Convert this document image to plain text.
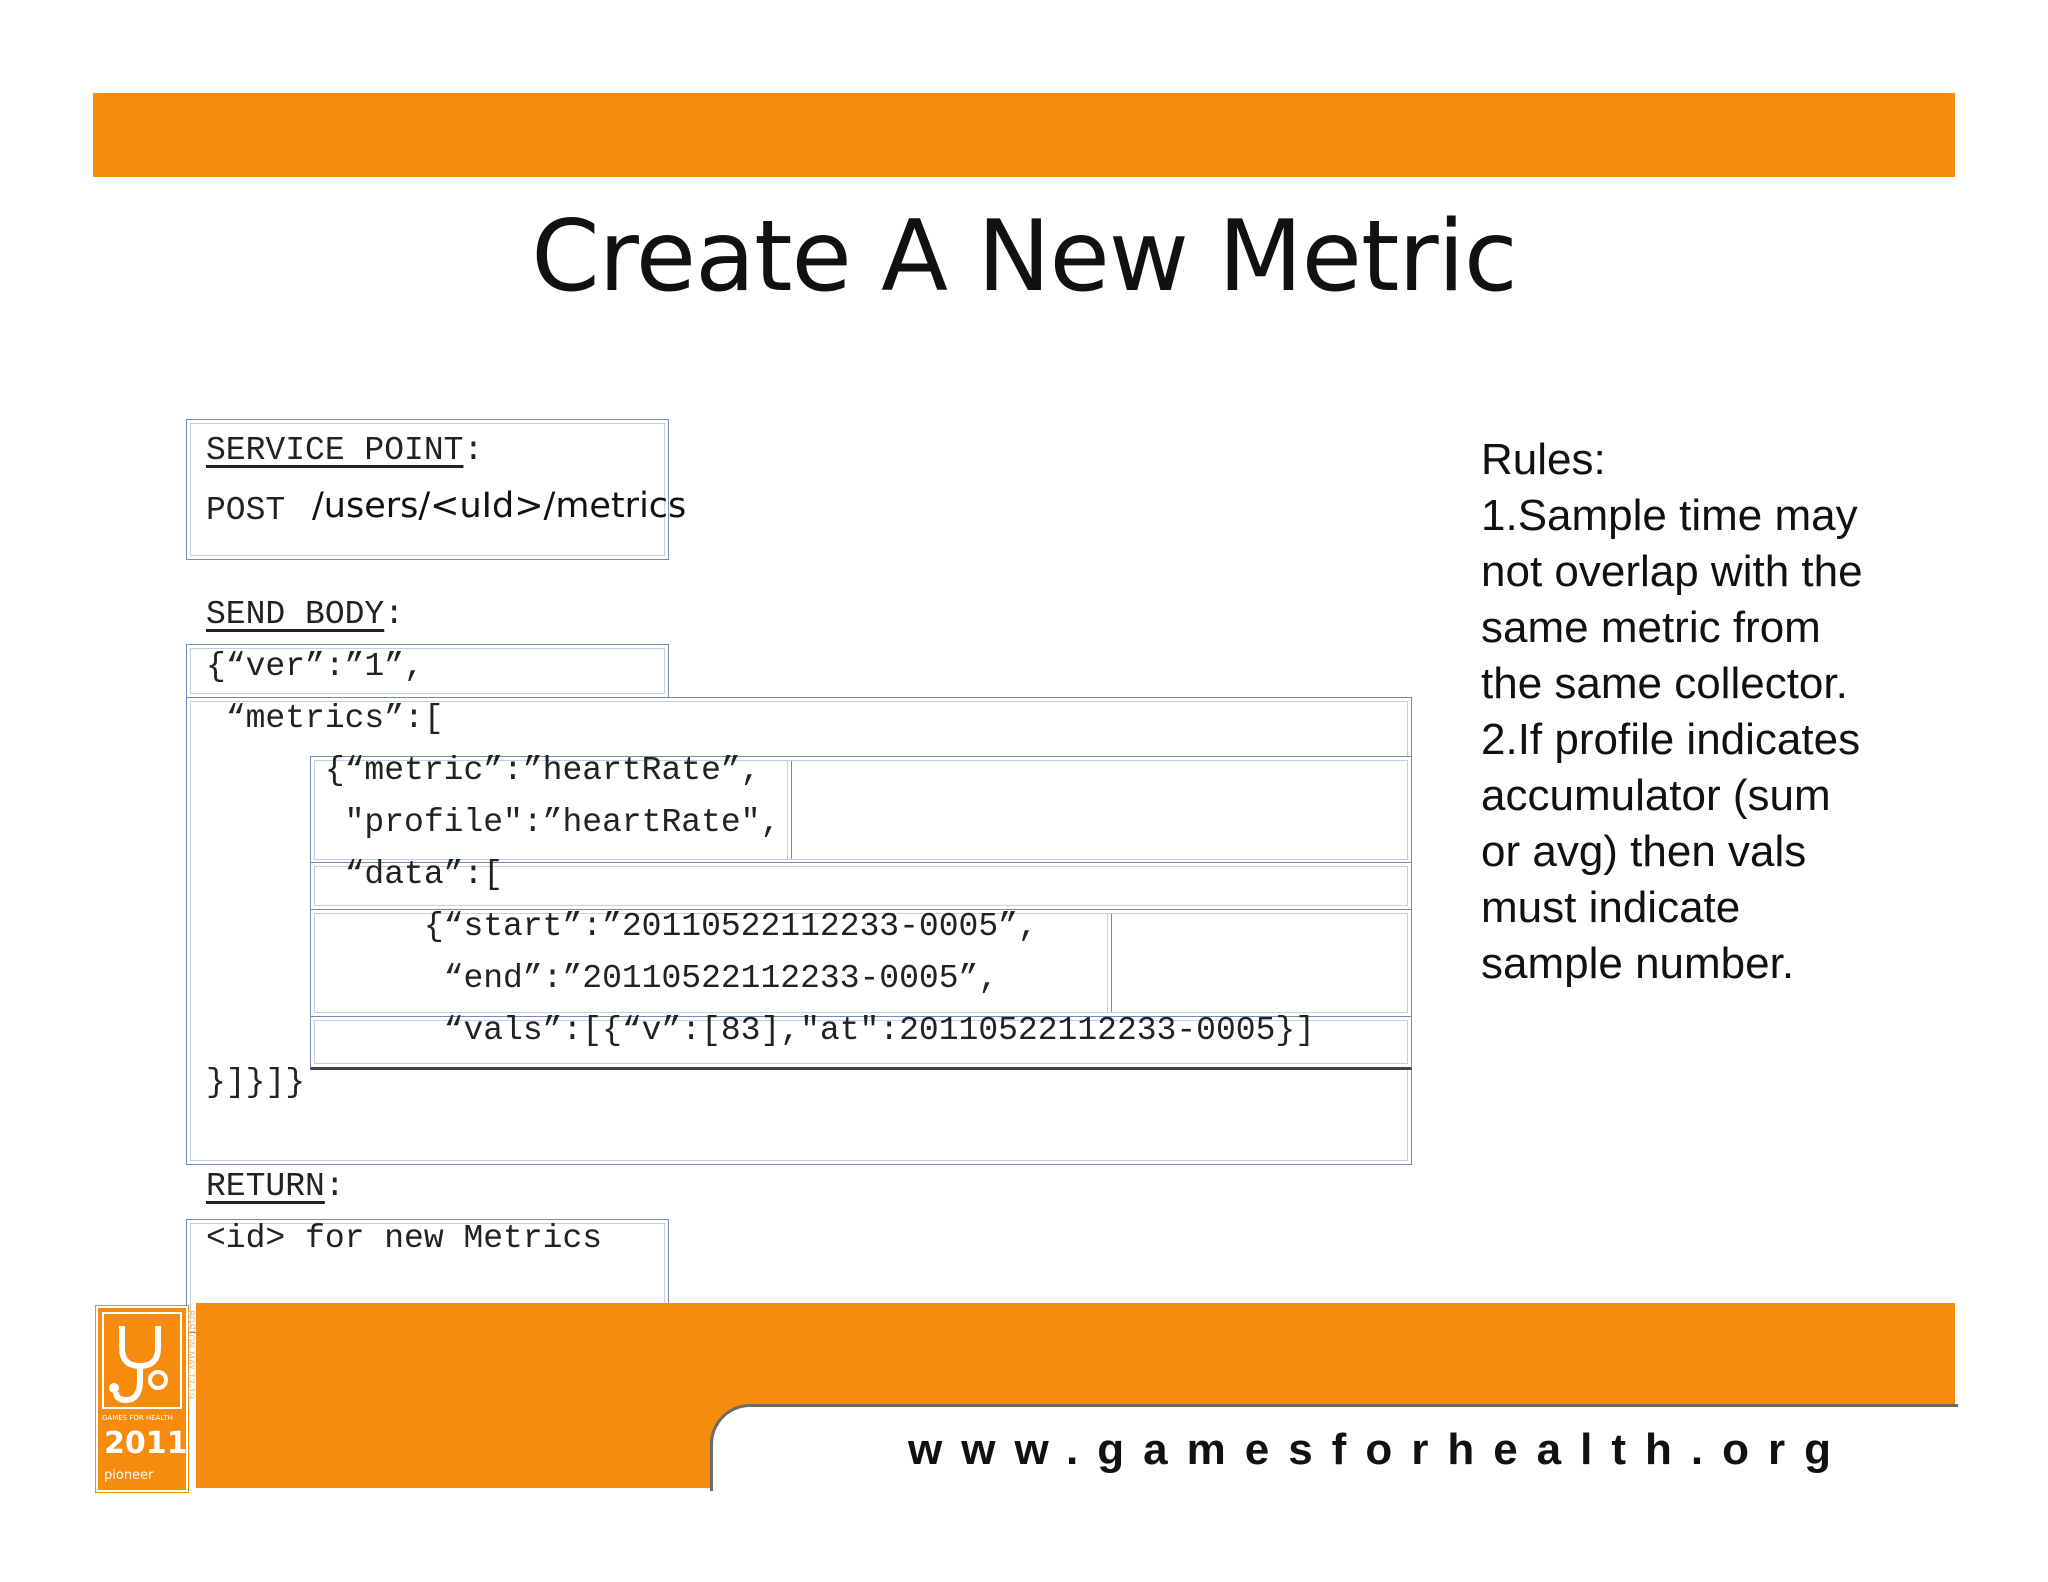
Create A New Metric
SERVICE POINT:
POST /users/<uId>/metrics
SEND BODY:
{“ver”:”1”,
“metrics”:[
{“metric”:”heartRate”,
"profile":”heartRate",
“data”:[
{“start”:”20110522112233-0005”,
“end”:”20110522112233-0005”,
“vals”:[{“v”:[83],"at":20110522112233-0005}]
}]}]}
RETURN:
<id> for new Metrics
Rules:
1.Sample time may
not overlap with the
same metric from
the same collector.
2.If profile indicates
accumulator (sum
or avg) then vals
must indicate
sample number.
www.gamesforhealth.org
GAMES FOR HEALTH
2011
pioneer
BOSTON MAY 17-19
